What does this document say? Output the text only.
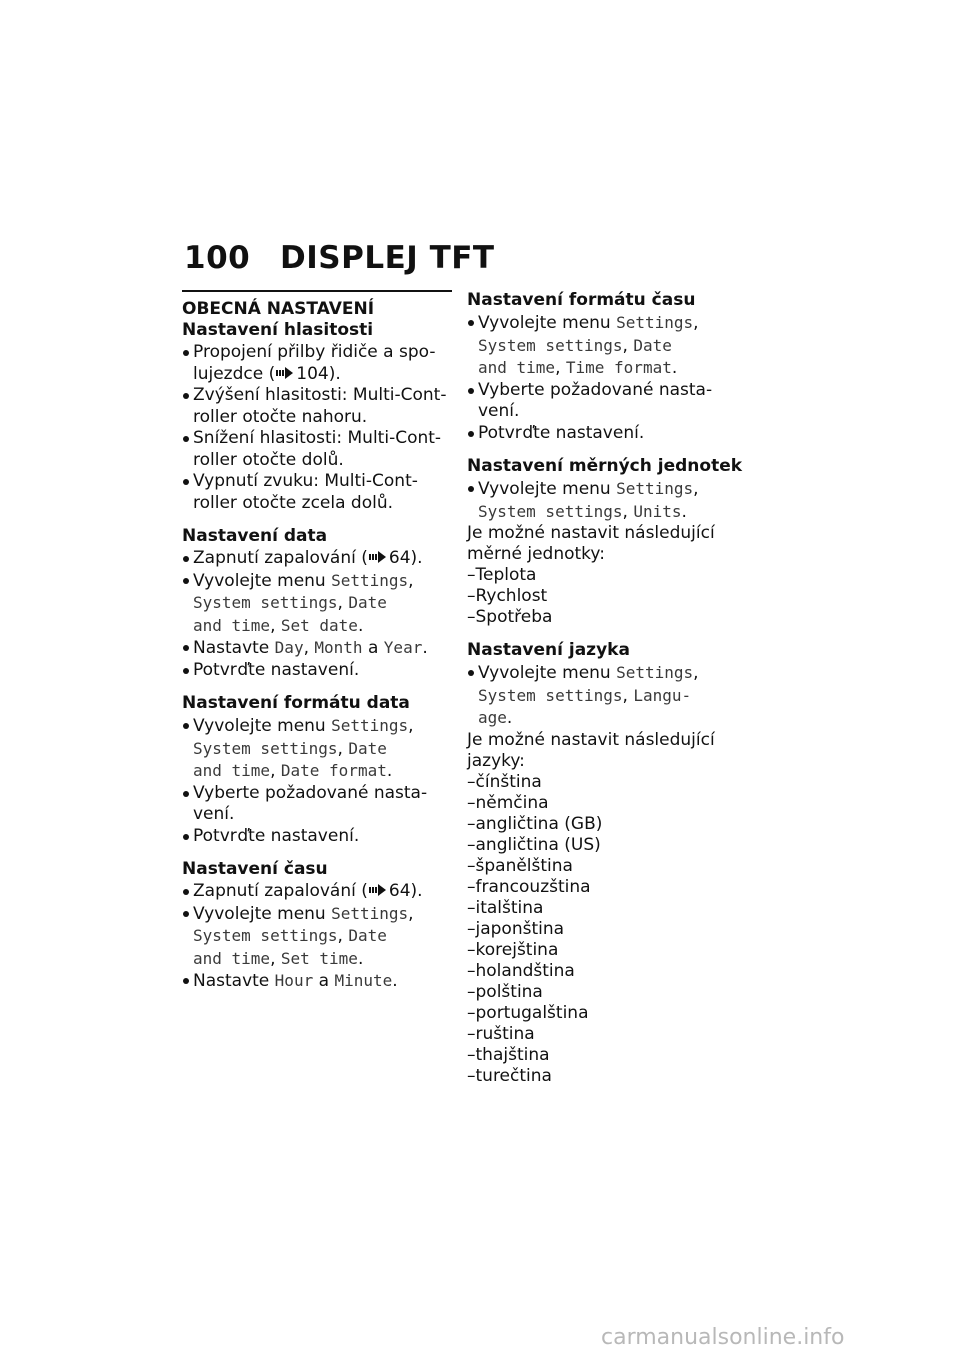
100 DISPLEJ TFT
OBECNÁ NASTAVENÍ
Nastavení hlasitosti
Propojení přilby řidiče a spo-
lujezdce ( 104).
Zvýšení hlasitosti: Multi-Cont-
roller otočte nahoru.
Snížení hlasitosti: Multi-Cont-
roller otočte dolů.
Vypnutí zvuku: Multi-Cont-
roller otočte zcela dolů.
Nastavení data
Zapnutí zapalování ( 64).
Vyvolejte menu Settings,
System settings, Date
and time, Set date.
Nastavte Day, Month a Year.
Potvrďte nastavení.
Nastavení formátu data
Vyvolejte menu Settings,
System settings, Date
and time, Date format.
Vyberte požadované nasta-
vení.
Potvrďte nastavení.
Nastavení času
Zapnutí zapalování ( 64).
Vyvolejte menu Settings,
System settings, Date
and time, Set time.
Nastavte Hour a Minute.
Nastavení formátu času
Vyvolejte menu Settings,
System settings, Date
and time, Time format.
Vyberte požadované nasta-
vení.
Potvrďte nastavení.
Nastavení měrných jednotek
Vyvolejte menu Settings,
System settings, Units.
Je možné nastavit následující
měrné jednotky:
–Teplota
–Rychlost
–Spotřeba
Nastavení jazyka
Vyvolejte menu Settings,
System settings, Langu-
age.
Je možné nastavit následující
jazyky:
–čínština
–němčina
–angličtina (GB)
–angličtina (US)
–španělština
–francouzština
–italština
–japonština
–korejština
–holandština
–polština
–portugalština
–ruština
–thajština
–turečtina
carmanualsonline.info
